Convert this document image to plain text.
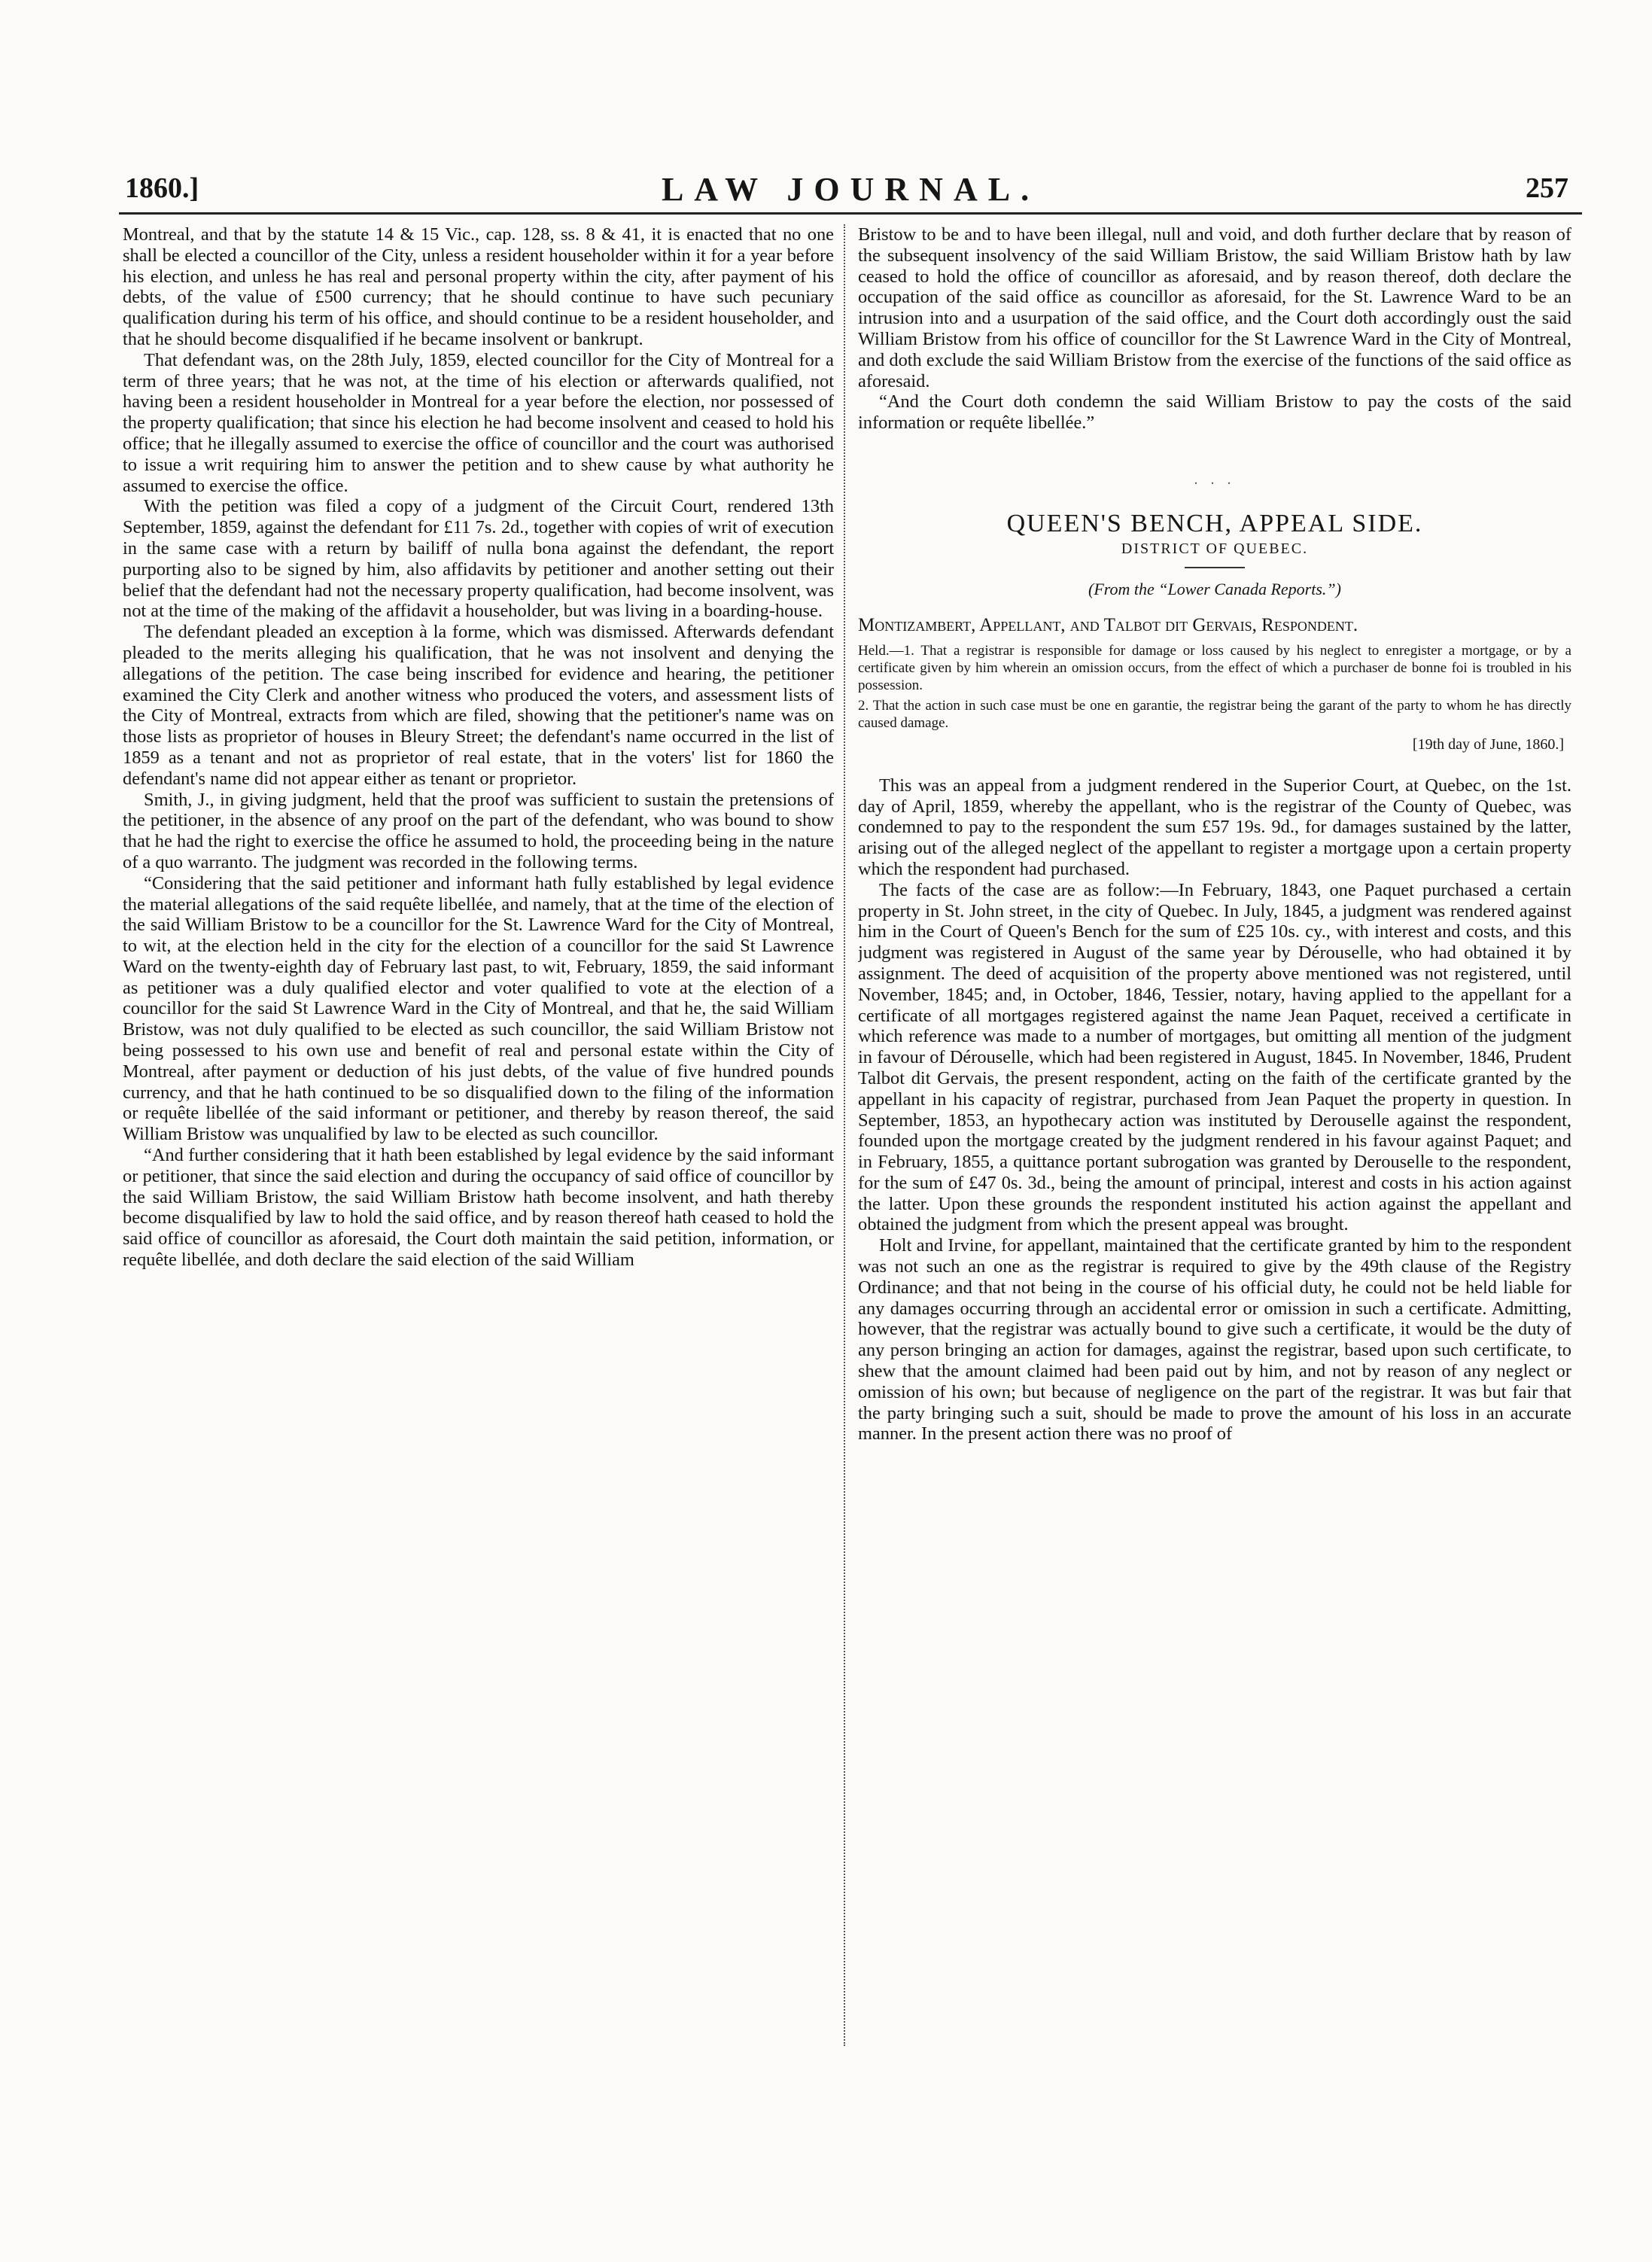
1860.]	LAW JOURNAL.	257

Montreal, and that by the statute 14 & 15 Vic., cap. 128, ss. 8 & 41, it is enacted that no one shall be elected a councillor of the City, unless a resident householder within it for a year before his election, and unless he has real and personal property within the city, after payment of his debts, of the value of £500 currency; that he should continue to have such pecuniary qualification during his term of his office, and should continue to be a resident householder, and that he should become disqualified if he became insolvent or bankrupt.

That defendant was, on the 28th July, 1859, elected councillor for the City of Montreal for a term of three years; that he was not, at the time of his election or afterwards qualified, not having been a resident householder in Montreal for a year before the election, nor possessed of the property qualification; that since his election he had become insolvent and ceased to hold his office; that he illegally assumed to exercise the office of councillor and the court was authorised to issue a writ requiring him to answer the petition and to shew cause by what authority he assumed to exercise the office.

With the petition was filed a copy of a judgment of the Circuit Court, rendered 13th September, 1859, against the defendant for £11 7s. 2d., together with copies of writ of execution in the same case with a return by bailiff of nulla bona against the defendant, the report purporting also to be signed by him, also affidavits by petitioner and another setting out their belief that the defendant had not the necessary property qualification, had become insolvent, was not at the time of the making of the affidavit a householder, but was living in a boarding-house.

The defendant pleaded an exception à la forme, which was dismissed. Afterwards defendant pleaded to the merits alleging his qualification, that he was not insolvent and denying the allegations of the petition. The case being inscribed for evidence and hearing, the petitioner examined the City Clerk and another witness who produced the voters, and assessment lists of the City of Montreal, extracts from which are filed, showing that the petitioner's name was on those lists as proprietor of houses in Bleury Street; the defendant's name occurred in the list of 1859 as a tenant and not as proprietor of real estate, that in the voters' list for 1860 the defendant's name did not appear either as tenant or proprietor.

Smith, J., in giving judgment, held that the proof was sufficient to sustain the pretensions of the petitioner, in the absence of any proof on the part of the defendant, who was bound to show that he had the right to exercise the office he assumed to hold, the proceeding being in the nature of a quo warranto. The judgment was recorded in the following terms.

“Considering that the said petitioner and informant hath fully established by legal evidence the material allegations of the said requête libellée, and namely, that at the time of the election of the said William Bristow to be a councillor for the St. Lawrence Ward for the City of Montreal, to wit, at the election held in the city for the election of a councillor for the said St Lawrence Ward on the twenty-eighth day of February last past, to wit, February, 1859, the said informant as petitioner was a duly qualified elector and voter qualified to vote at the election of a councillor for the said St Lawrence Ward in the City of Montreal, and that he, the said William Bristow, was not duly qualified to be elected as such councillor, the said William Bristow not being possessed to his own use and benefit of real and personal estate within the City of Montreal, after payment or deduction of his just debts, of the value of five hundred pounds currency, and that he hath continued to be so disqualified down to the filing of the information or requête libellée of the said informant or petitioner, and thereby by reason thereof, the said William Bristow was unqualified by law to be elected as such councillor.

“And further considering that it hath been established by legal evidence by the said informant or petitioner, that since the said election and during the occupancy of said office of councillor by the said William Bristow, the said William Bristow hath become insolvent, and hath thereby become disqualified by law to hold the said office, and by reason thereof hath ceased to hold the said office of councillor as aforesaid, the Court doth maintain the said petition, information, or requête libellée, and doth declare the said election of the said William

Bristow to be and to have been illegal, null and void, and doth further declare that by reason of the subsequent insolvency of the said William Bristow, the said William Bristow hath by law ceased to hold the office of councillor as aforesaid, and by reason thereof, doth declare the occupation of the said office as councillor as aforesaid, for the St. Lawrence Ward to be an intrusion into and a usurpation of the said office, and the Court doth accordingly oust the said William Bristow from his office of councillor for the St Lawrence Ward in the City of Montreal, and doth exclude the said William Bristow from the exercise of the functions of the said office as aforesaid.

“And the Court doth condemn the said William Bristow to pay the costs of the said information or requête libellée.”

. . .
QUEEN'S BENCH, APPEAL SIDE.
DISTRICT OF QUEBEC.
(From the “Lower Canada Reports.”)

Montizambert, Appellant, and Talbot dit Gervais, Respondent.

Held.—1. That a registrar is responsible for damage or loss caused by his neglect to enregister a mortgage, or by a certificate given by him wherein an omission occurs, from the effect of which a purchaser de bonne foi is troubled in his possession.

2. That the action in such case must be one en garantie, the registrar being the garant of the party to whom he has directly caused damage.

[19th day of June, 1860.]

This was an appeal from a judgment rendered in the Superior Court, at Quebec, on the 1st. day of April, 1859, whereby the appellant, who is the registrar of the County of Quebec, was condemned to pay to the respondent the sum £57 19s. 9d., for damages sustained by the latter, arising out of the alleged neglect of the appellant to register a mortgage upon a certain property which the respondent had purchased.

The facts of the case are as follow:—In February, 1843, one Paquet purchased a certain property in St. John street, in the city of Quebec. In July, 1845, a judgment was rendered against him in the Court of Queen's Bench for the sum of £25 10s. cy., with interest and costs, and this judgment was registered in August of the same year by Dérouselle, who had obtained it by assignment. The deed of acquisition of the property above mentioned was not registered, until November, 1845; and, in October, 1846, Tessier, notary, having applied to the appellant for a certificate of all mortgages registered against the name Jean Paquet, received a certificate in which reference was made to a number of mortgages, but omitting all mention of the judgment in favour of Dérouselle, which had been registered in August, 1845. In November, 1846, Prudent Talbot dit Gervais, the present respondent, acting on the faith of the certificate granted by the appellant in his capacity of registrar, purchased from Jean Paquet the property in question. In September, 1853, an hypothecary action was instituted by Derouselle against the respondent, founded upon the mortgage created by the judgment rendered in his favour against Paquet; and in February, 1855, a quittance portant subrogation was granted by Derouselle to the respondent, for the sum of £47 0s. 3d., being the amount of principal, interest and costs in his action against the latter. Upon these grounds the respondent instituted his action against the appellant and obtained the judgment from which the present appeal was brought.

Holt and Irvine, for appellant, maintained that the certificate granted by him to the respondent was not such an one as the registrar is required to give by the 49th clause of the Registry Ordinance; and that not being in the course of his official duty, he could not be held liable for any damages occurring through an accidental error or omission in such a certificate. Admitting, however, that the registrar was actually bound to give such a certificate, it would be the duty of any person bringing an action for damages, against the registrar, based upon such certificate, to shew that the amount claimed had been paid out by him, and not by reason of any neglect or omission of his own; but because of negligence on the part of the registrar. It was but fair that the party bringing such a suit, should be made to prove the amount of his loss in an accurate manner. In the present action there was no proof of
